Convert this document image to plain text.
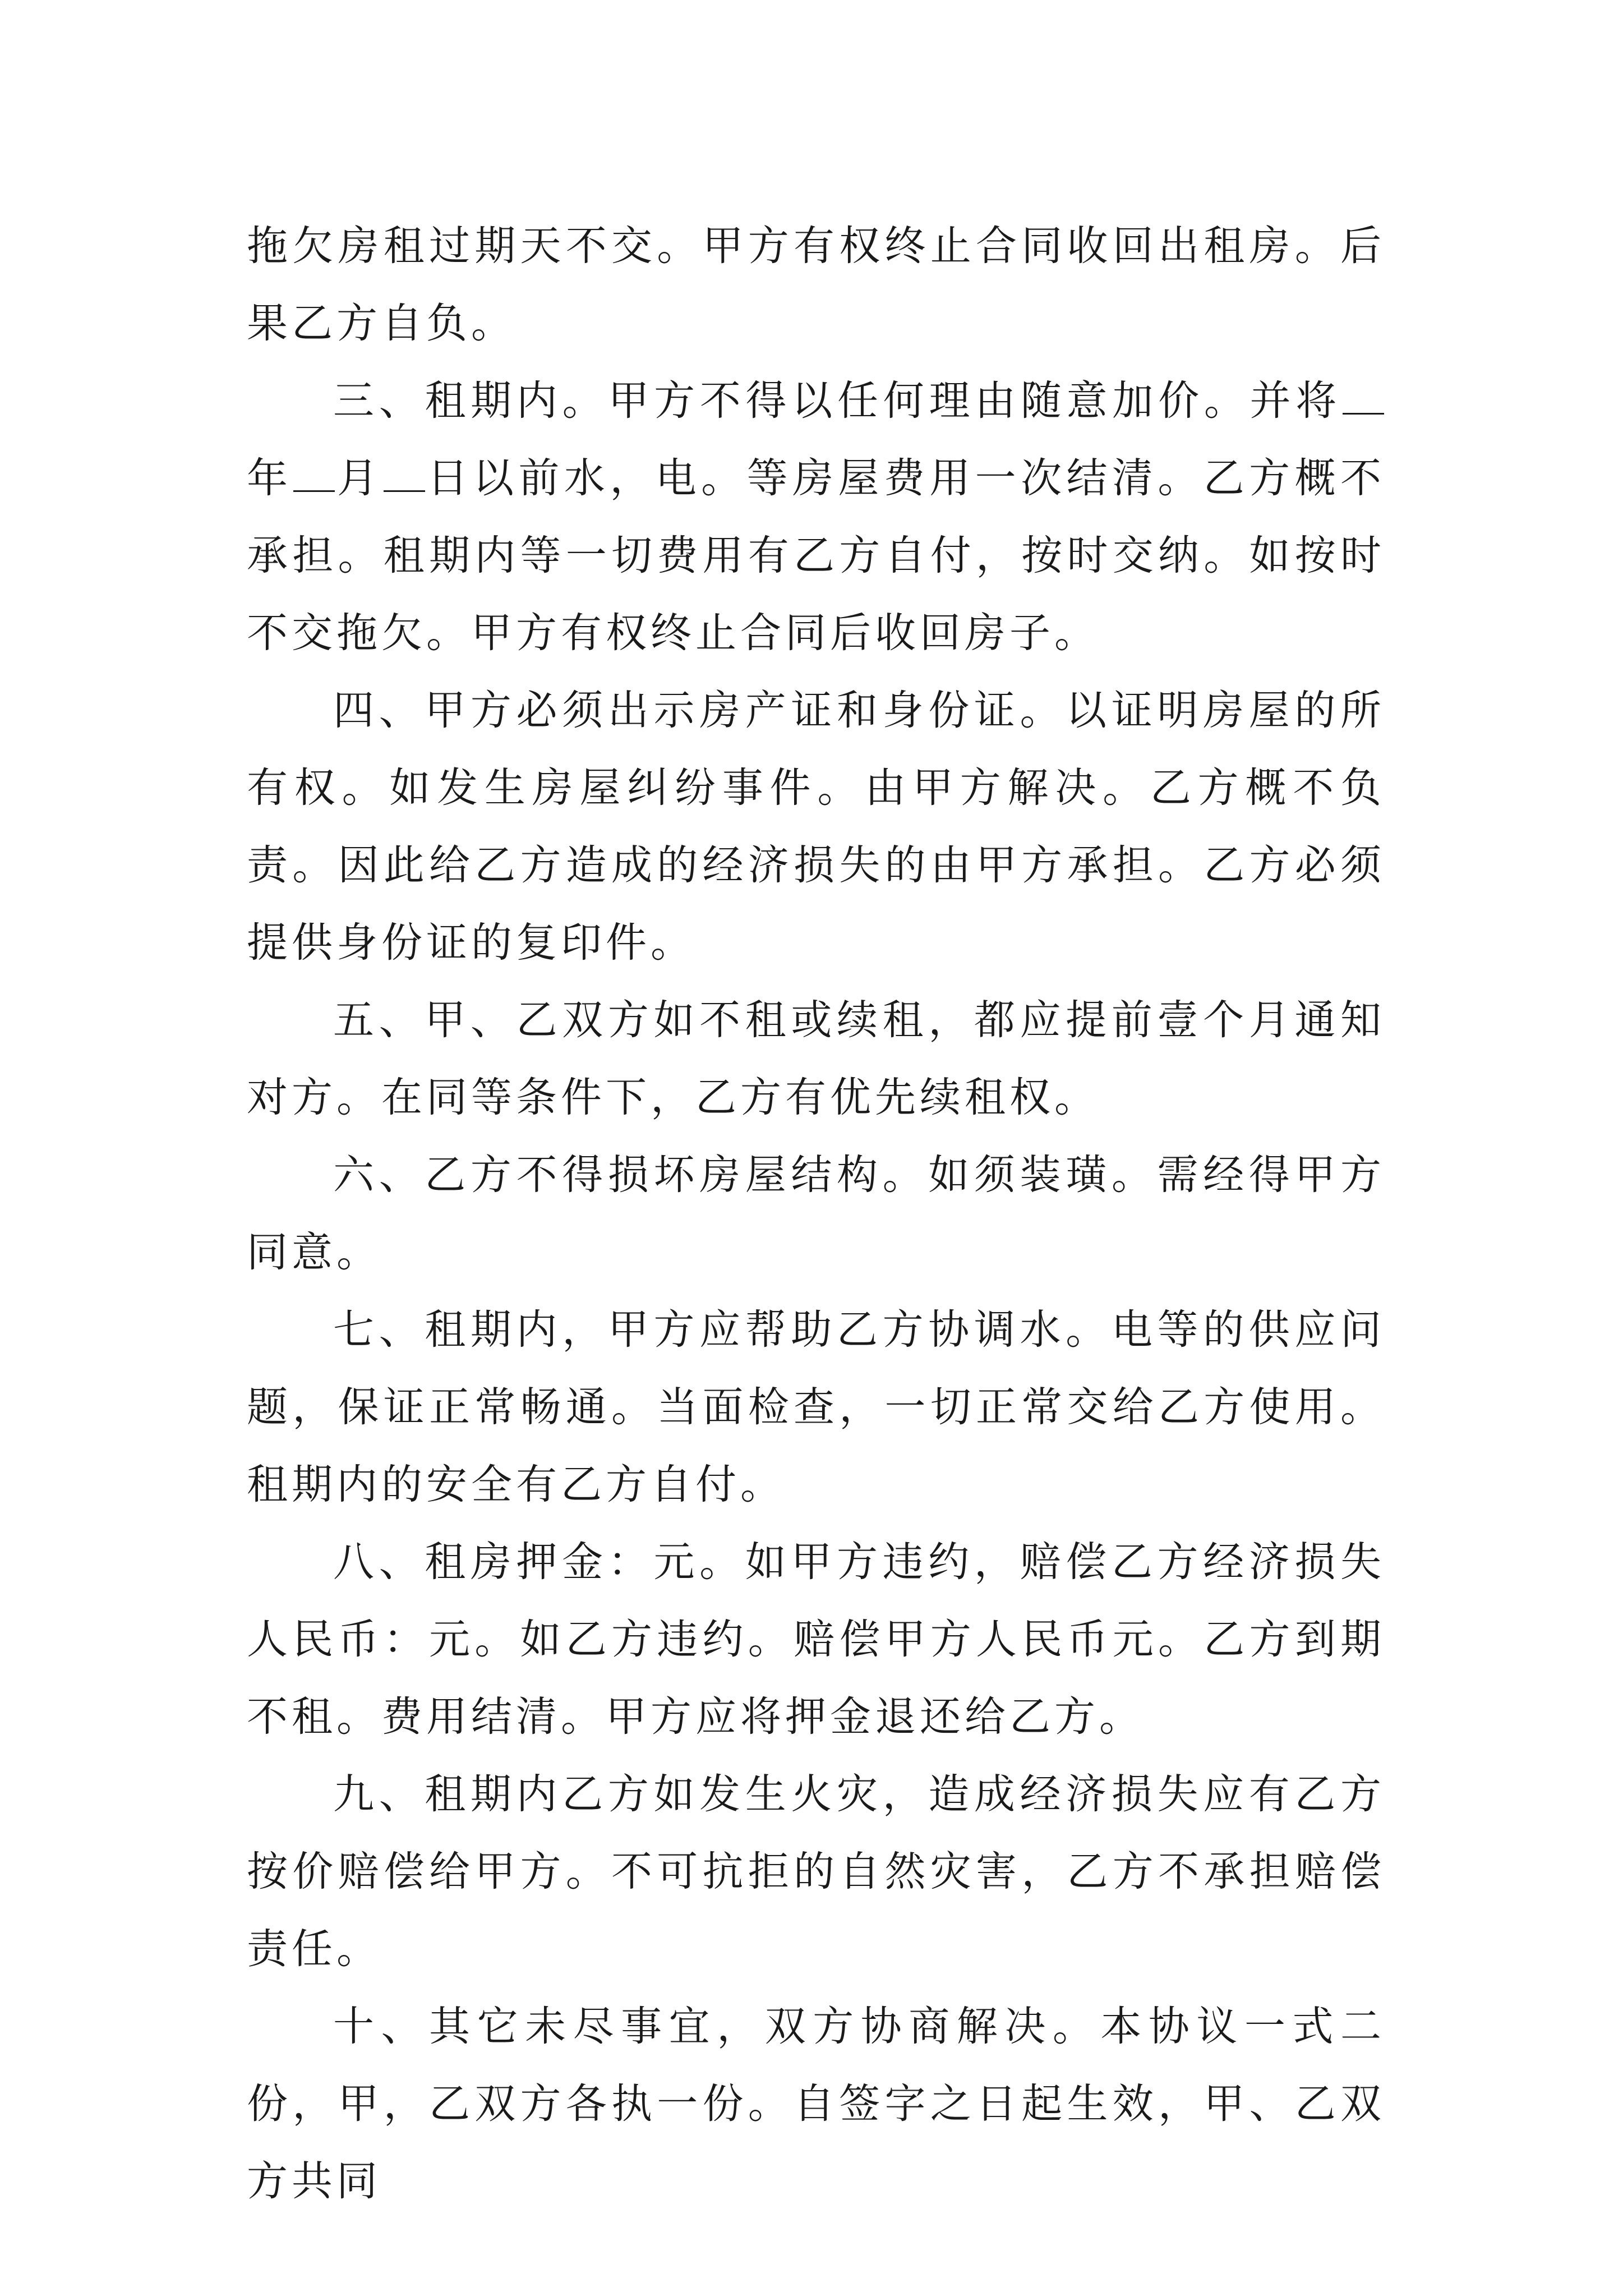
拖欠房租过期天不交。甲方有权终止合同收回出租房。后果乙方自负。

三、租期内。甲方不得以任何理由随意加价。并将年 月 日以前水，电。等房屋费用一次结清。乙方概不承担。租期内等一切费用有乙方自付，按时交纳。如按时不交拖欠。甲方有权终止合同后收回房子。

四、甲方必须出示房产证和身份证。以证明房屋的所有权。如发生房屋纠纷事件。由甲方解决。乙方概不负责。因此给乙方造成的经济损失的由甲方承担。乙方必须提供身份证的复印件。

五、甲、乙双方如不租或续租，都应提前壹个月通知对方。在同等条件下，乙方有优先续租权。

六、乙方不得损坏房屋结构。如须装璜。需经得甲方同意。

七、租期内，甲方应帮助乙方协调水。电等的供应问题，保证正常畅通。当面检查，一切正常交给乙方使用。租期内的安全有乙方自付。

八、租房押金：元。如甲方违约，赔偿乙方经济损失人民币：元。如乙方违约。赔偿甲方人民币元。乙方到期不租。费用结清。甲方应将押金退还给乙方。

九、租期内乙方如发生火灾，造成经济损失应有乙方按价赔偿给甲方。不可抗拒的自然灾害，乙方不承担赔偿责任。

十、其它未尽事宜，双方协商解决。本协议一式二份，甲，乙双方各执一份。自签字之日起生效，甲、乙双方共同
